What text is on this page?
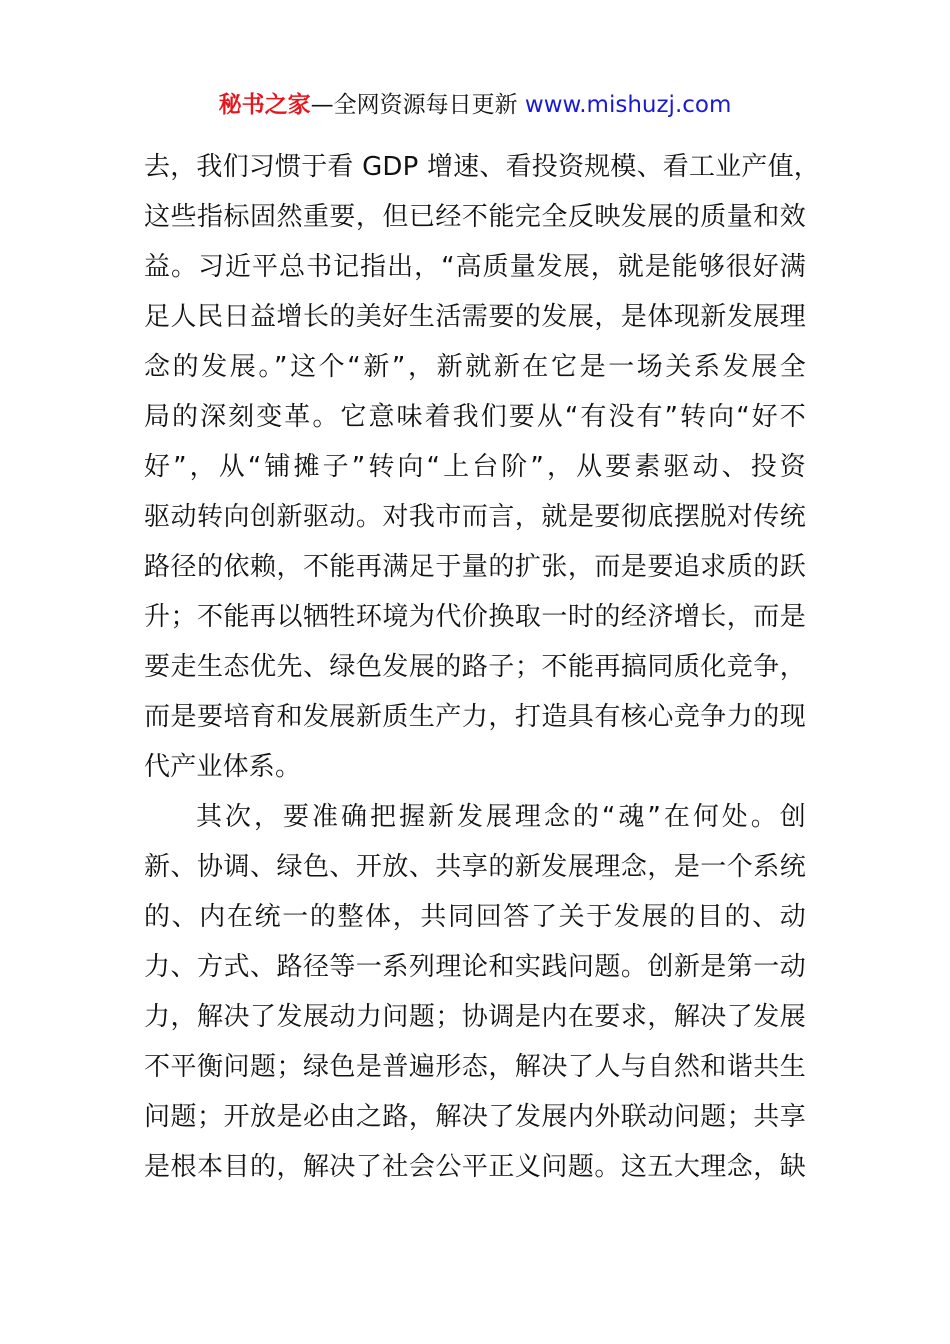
秘书之家—全网资源每日更新 www.mishuzj.com
去，我们习惯于看 GDP 增速、看投资规模、看工业产值，
这些指标固然重要，但已经不能完全反映发展的质量和效
益。习近平总书记指出，“高质量发展，就是能够很好满
足人民日益增长的美好生活需要的发展，是体现新发展理
念的发展。”这个“新”，新就新在它是一场关系发展全
局的深刻变革。它意味着我们要从“有没有”转向“好不
好”，从“铺摊子”转向“上台阶”，从要素驱动、投资
驱动转向创新驱动。对我市而言，就是要彻底摆脱对传统
路径的依赖，不能再满足于量的扩张，而是要追求质的跃
升；不能再以牺牲环境为代价换取一时的经济增长，而是
要走生态优先、绿色发展的路子；不能再搞同质化竞争，
而是要培育和发展新质生产力，打造具有核心竞争力的现
代产业体系。
其次，要准确把握新发展理念的“魂”在何处。创
新、协调、绿色、开放、共享的新发展理念，是一个系统
的、内在统一的整体，共同回答了关于发展的目的、动
力、方式、路径等一系列理论和实践问题。创新是第一动
力，解决了发展动力问题；协调是内在要求，解决了发展
不平衡问题；绿色是普遍形态，解决了人与自然和谐共生
问题；开放是必由之路，解决了发展内外联动问题；共享
是根本目的，解决了社会公平正义问题。这五大理念，缺
